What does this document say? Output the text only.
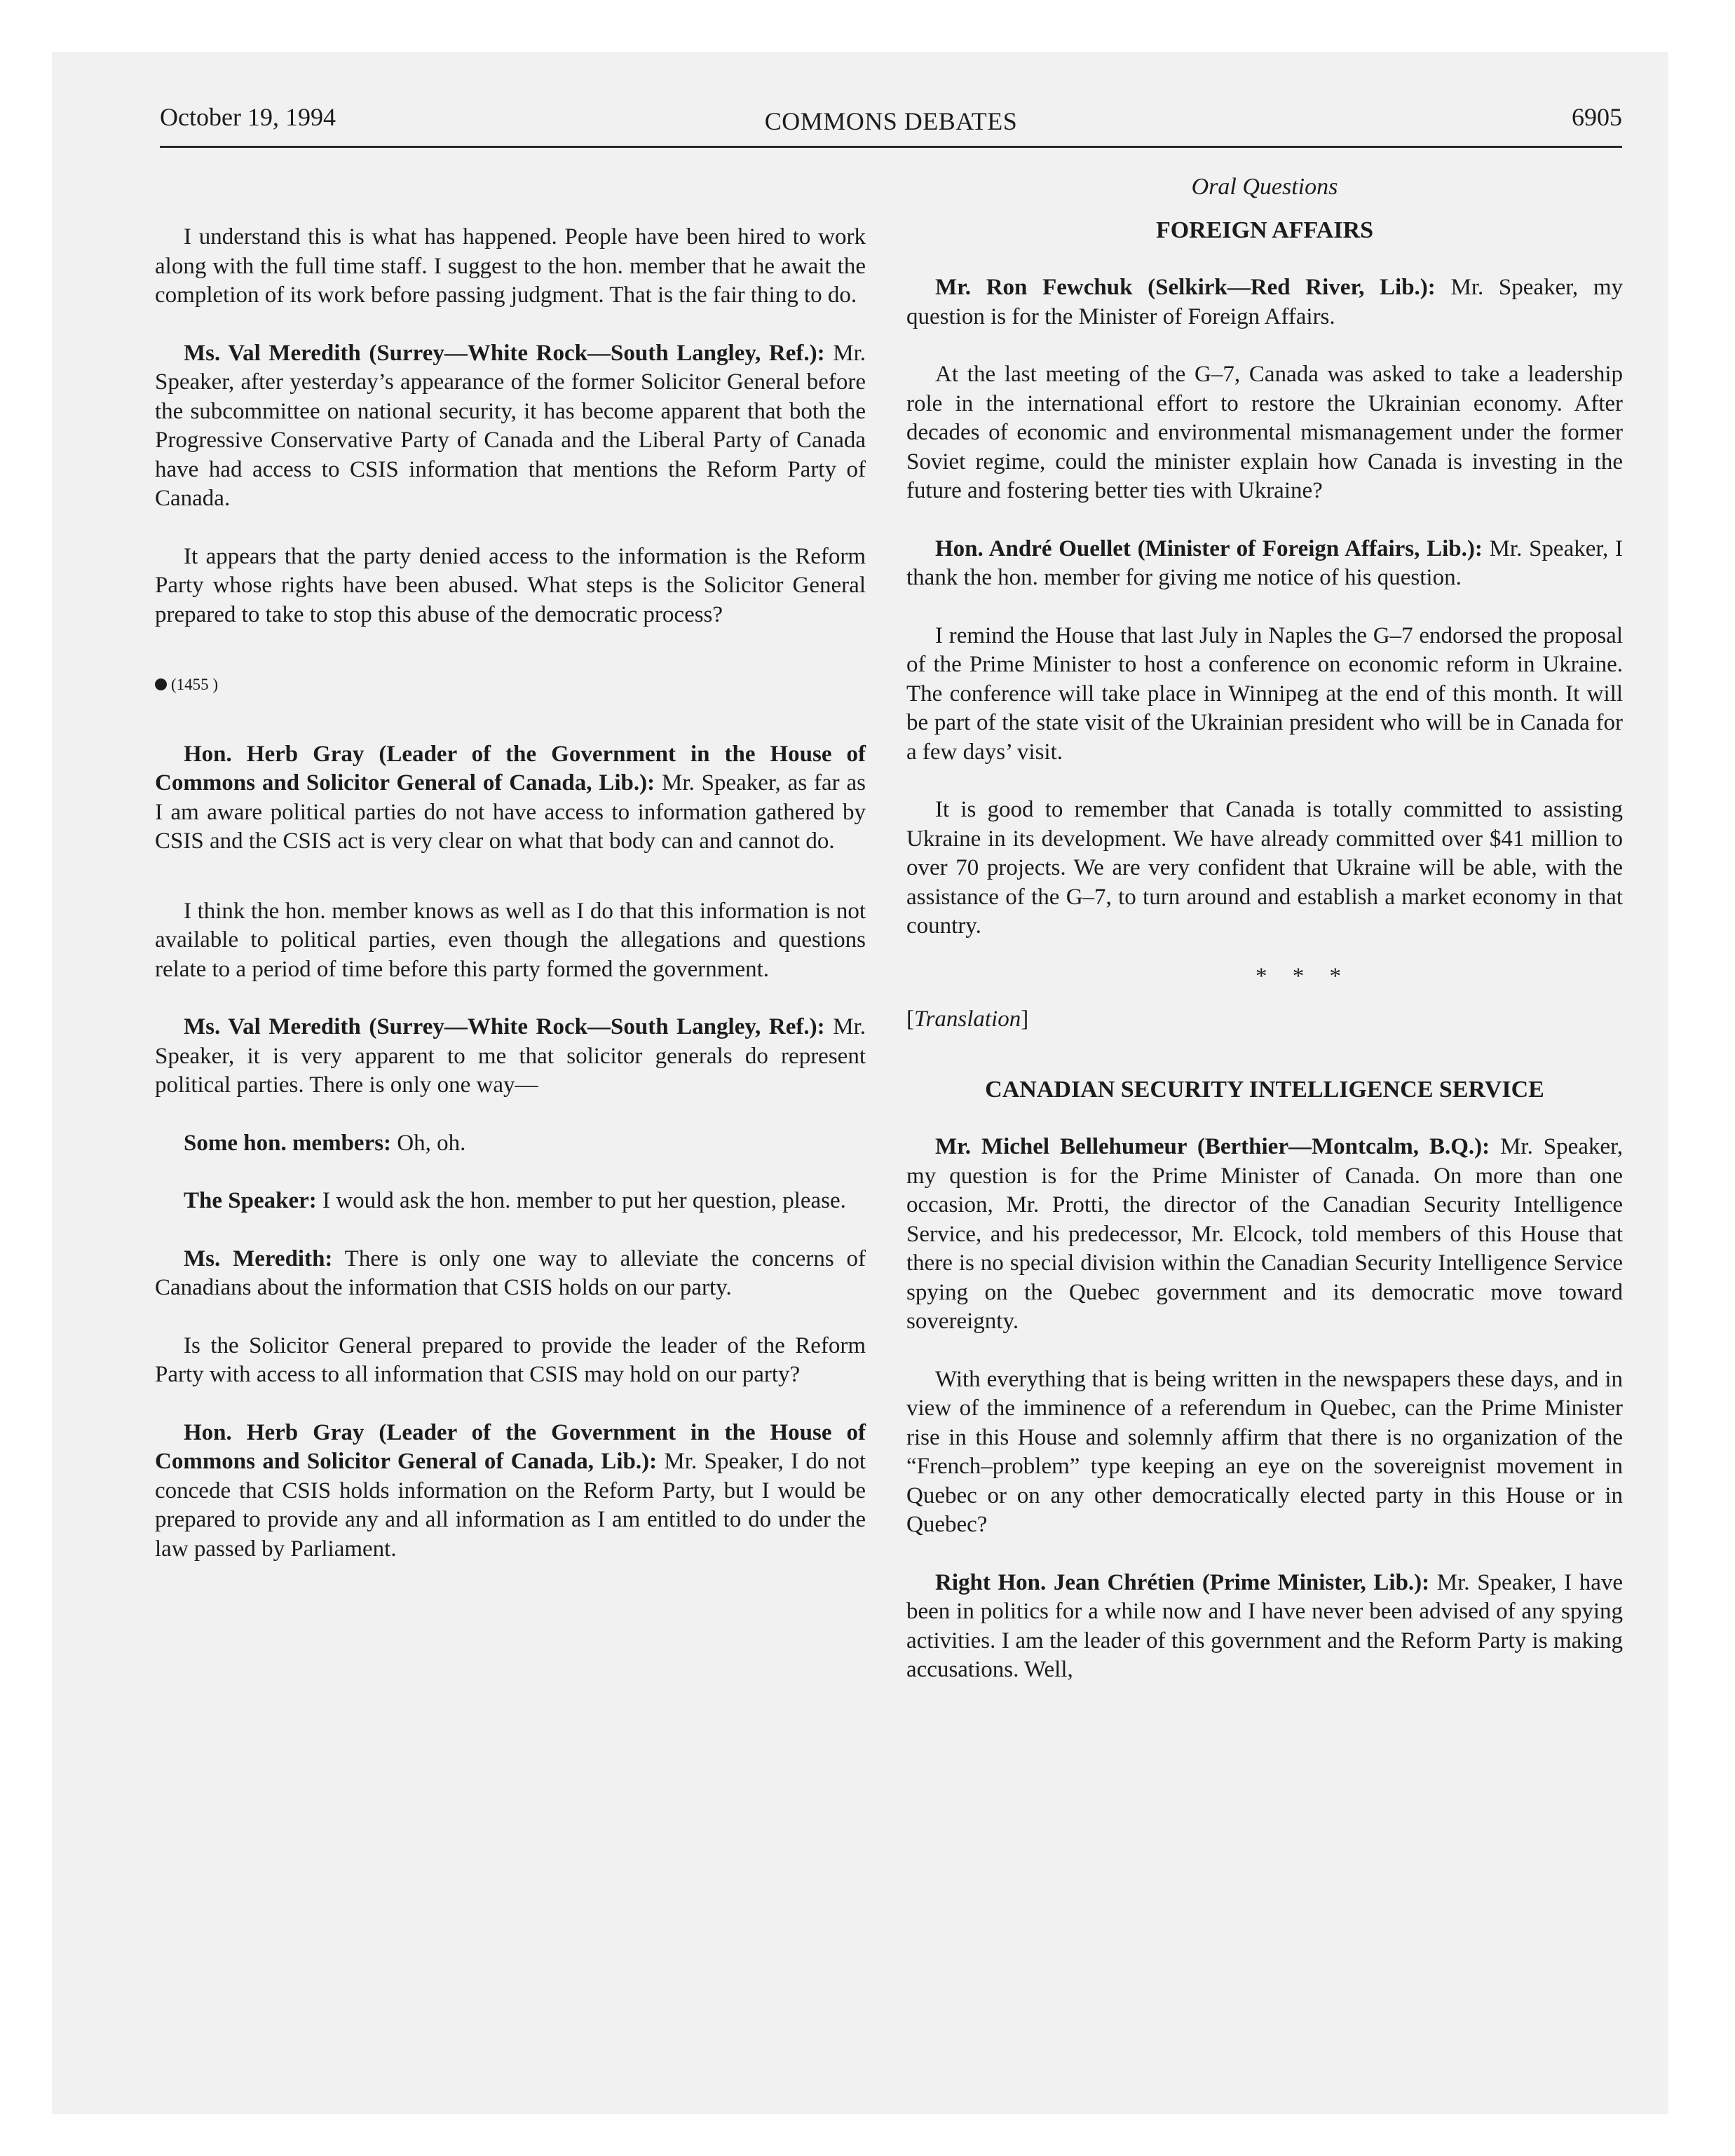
October 19, 1994	COMMONS DEBATES	6905

I understand this is what has happened. People have been hired to work along with the full time staff. I suggest to the hon. member that he await the completion of its work before passing judgment. That is the fair thing to do.

Ms. Val Meredith (Surrey—White Rock—South Langley, Ref.): Mr. Speaker, after yesterday’s appearance of the former Solicitor General before the subcommittee on national security, it has become apparent that both the Progressive Conservative Party of Canada and the Liberal Party of Canada have had access to CSIS information that mentions the Reform Party of Canada.

It appears that the party denied access to the information is the Reform Party whose rights have been abused. What steps is the Solicitor General prepared to take to stop this abuse of the democratic process?

(1455 )

Hon. Herb Gray (Leader of the Government in the House of Commons and Solicitor General of Canada, Lib.): Mr. Speaker, as far as I am aware political parties do not have access to information gathered by CSIS and the CSIS act is very clear on what that body can and cannot do.

I think the hon. member knows as well as I do that this information is not available to political parties, even though the allegations and questions relate to a period of time before this party formed the government.

Ms. Val Meredith (Surrey—White Rock—South Langley, Ref.): Mr. Speaker, it is very apparent to me that solicitor generals do represent political parties. There is only one way—

Some hon. members: Oh, oh.

The Speaker: I would ask the hon. member to put her question, please.

Ms. Meredith: There is only one way to alleviate the concerns of Canadians about the information that CSIS holds on our party.

Is the Solicitor General prepared to provide the leader of the Reform Party with access to all information that CSIS may hold on our party?

Hon. Herb Gray (Leader of the Government in the House of Commons and Solicitor General of Canada, Lib.): Mr. Speaker, I do not concede that CSIS holds information on the Reform Party, but I would be prepared to provide any and all information as I am entitled to do under the law passed by Parliament.

Oral Questions

FOREIGN AFFAIRS

Mr. Ron Fewchuk (Selkirk—Red River, Lib.): Mr. Speaker, my question is for the Minister of Foreign Affairs.

At the last meeting of the G–7, Canada was asked to take a leadership role in the international effort to restore the Ukrainian economy. After decades of economic and environmental mismanagement under the former Soviet regime, could the minister explain how Canada is investing in the future and fostering better ties with Ukraine?

Hon. André Ouellet (Minister of Foreign Affairs, Lib.): Mr. Speaker, I thank the hon. member for giving me notice of his question.

I remind the House that last July in Naples the G–7 endorsed the proposal of the Prime Minister to host a conference on economic reform in Ukraine. The conference will take place in Winnipeg at the end of this month. It will be part of the state visit of the Ukrainian president who will be in Canada for a few days’ visit.

It is good to remember that Canada is totally committed to assisting Ukraine in its development. We have already committed over $41 million to over 70 projects. We are very confident that Ukraine will be able, with the assistance of the G–7, to turn around and establish a market economy in that country.

* * *

[Translation]

CANADIAN SECURITY INTELLIGENCE SERVICE

Mr. Michel Bellehumeur (Berthier—Montcalm, B.Q.): Mr. Speaker, my question is for the Prime Minister of Canada. On more than one occasion, Mr. Protti, the director of the Canadian Security Intelligence Service, and his predecessor, Mr. Elcock, told members of this House that there is no special division within the Canadian Security Intelligence Service spying on the Quebec government and its democratic move toward sovereignty.

With everything that is being written in the newspapers these days, and in view of the imminence of a referendum in Quebec, can the Prime Minister rise in this House and solemnly affirm that there is no organization of the “French–problem” type keeping an eye on the sovereignist movement in Quebec or on any other democratically elected party in this House or in Quebec?

Right Hon. Jean Chrétien (Prime Minister, Lib.): Mr. Speaker, I have been in politics for a while now and I have never been advised of any spying activities. I am the leader of this government and the Reform Party is making accusations. Well,
